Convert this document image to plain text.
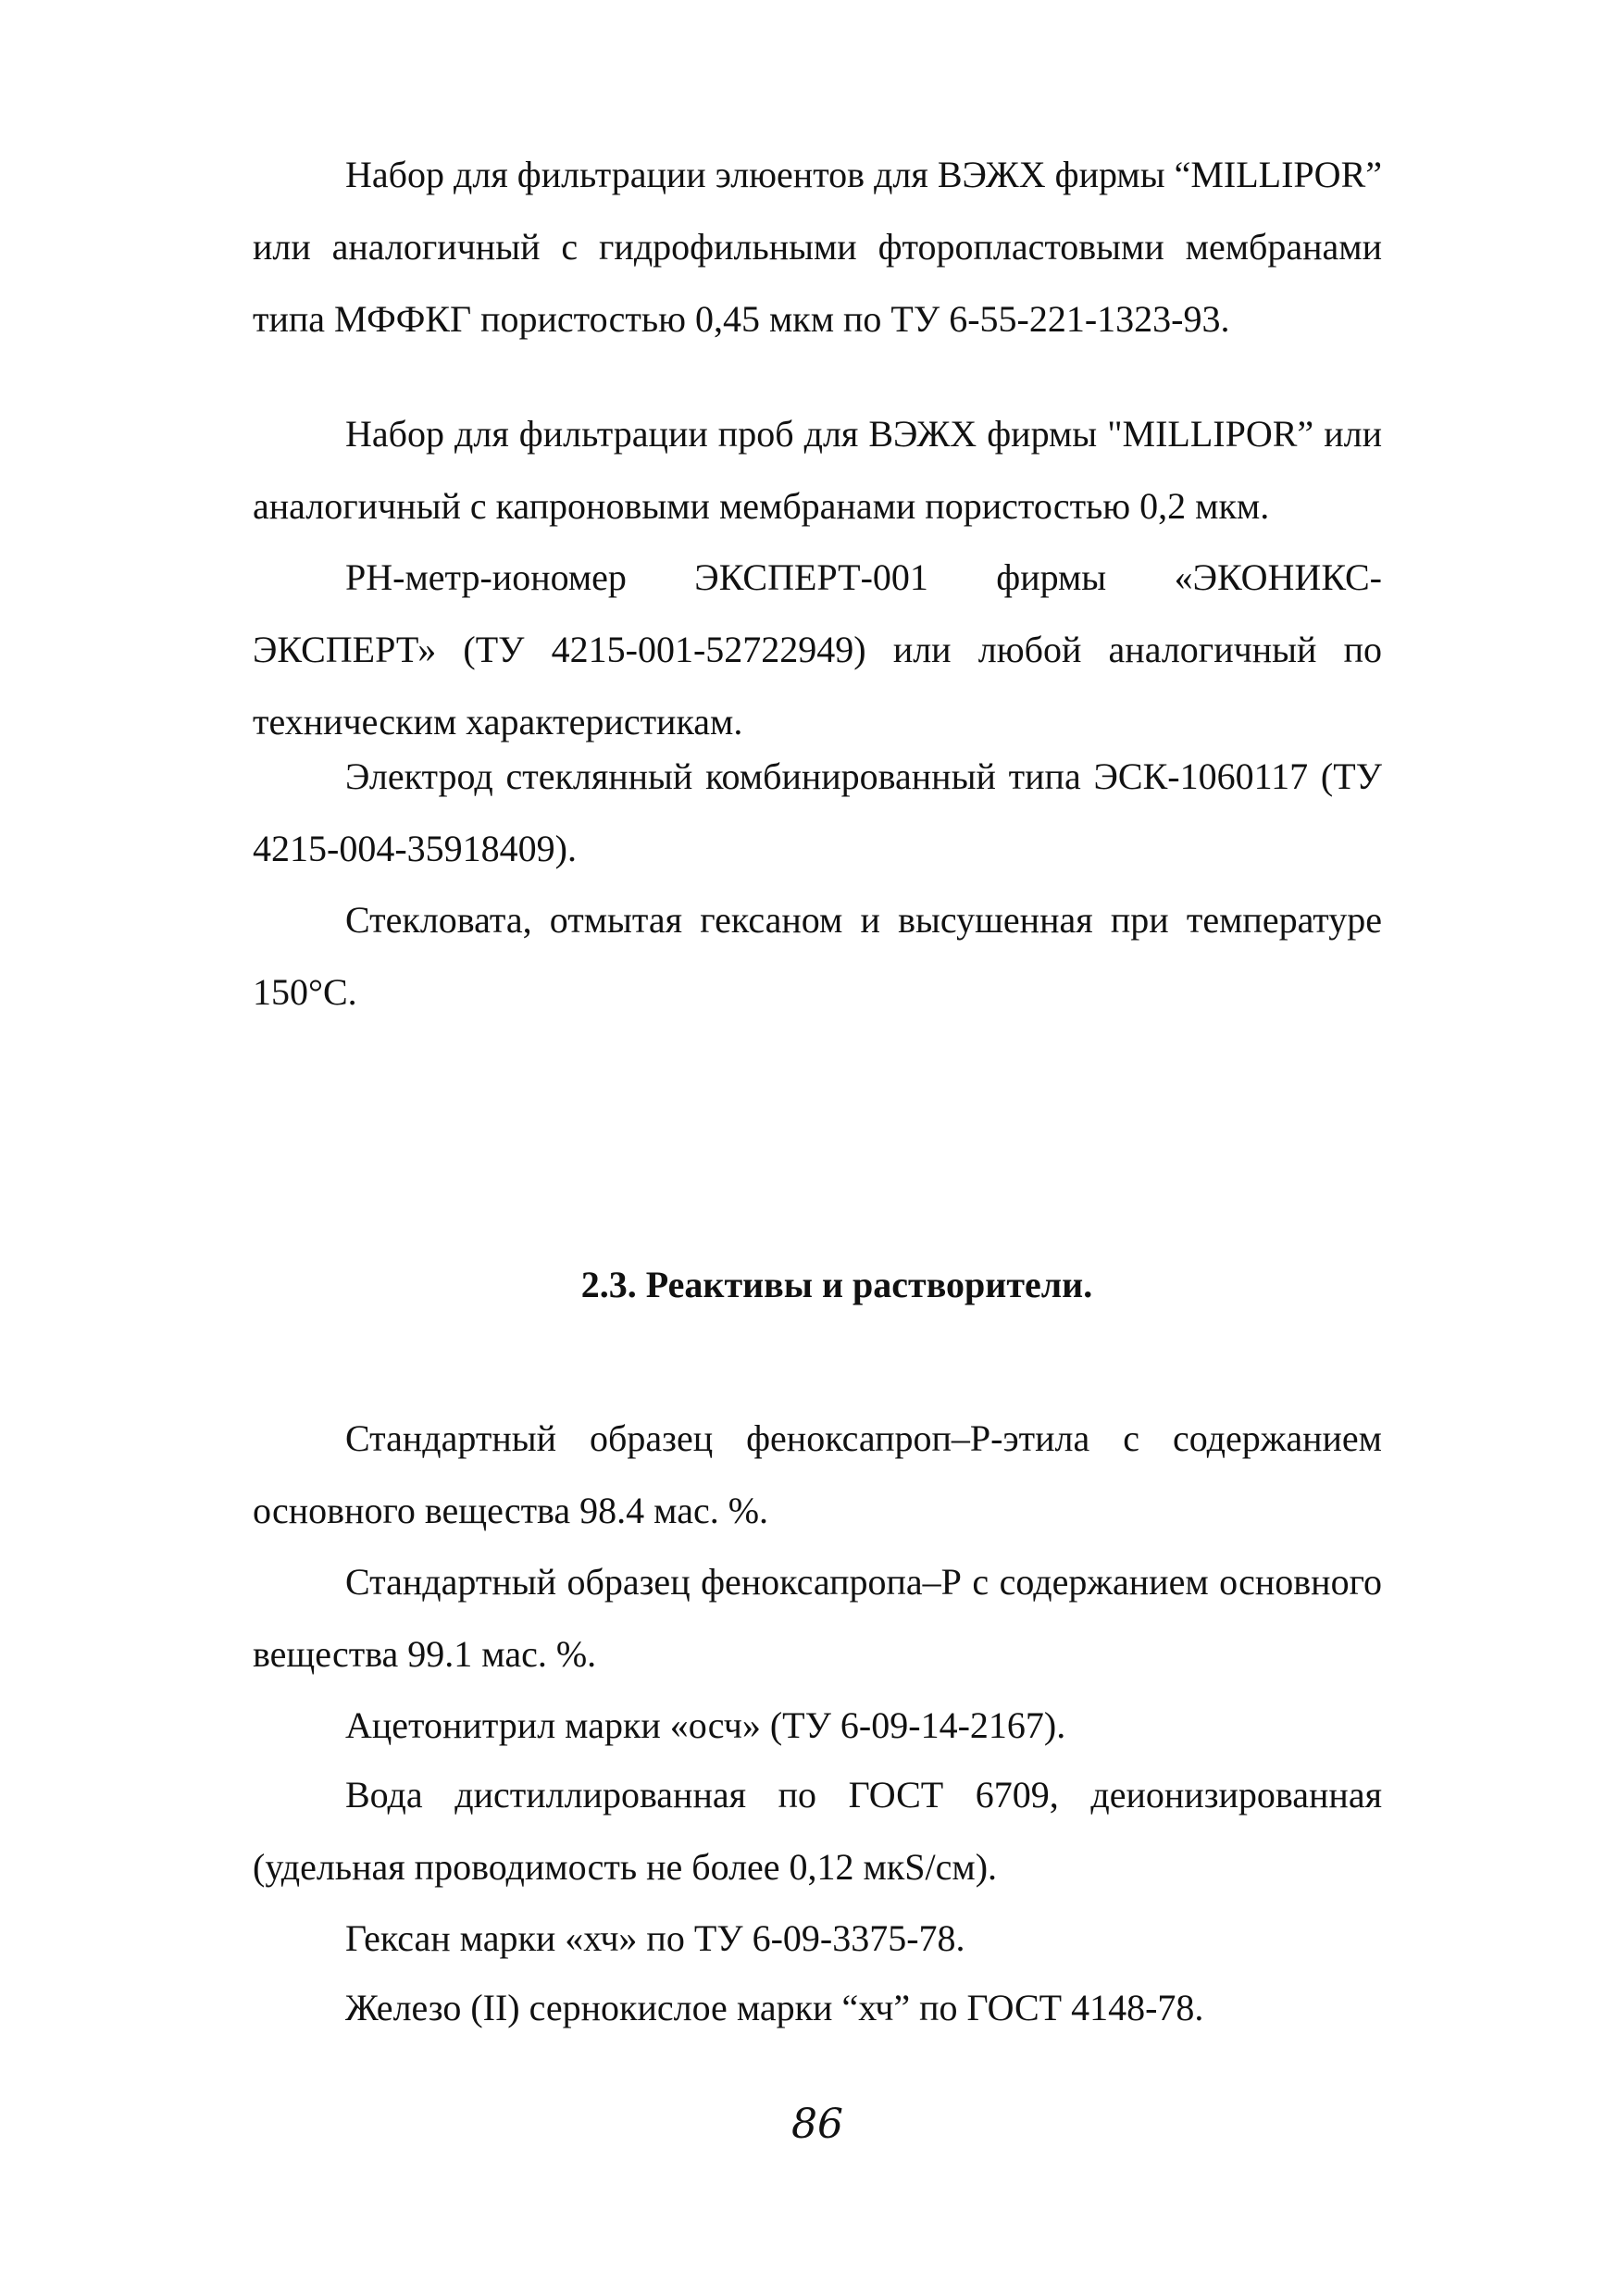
Набор для фильтрации элюентов для ВЭЖХ фирмы “MILLIPOR” или аналогичный с гидрофильными фторопластовыми мембранами типа МФФКГ пористостью 0,45 мкм по ТУ 6-55-221-1323-93.

Набор для фильтрации проб для ВЭЖХ фирмы "MILLIPOR” или аналогичный с капроновыми мембранами пористостью 0,2 мкм.

РН-метр-иономер ЭКСПЕРТ-001 фирмы «ЭКОНИКС-ЭКСПЕРТ» (ТУ 4215-001-52722949) или любой аналогичный по техническим характеристикам.

Электрод стеклянный комбинированный типа ЭСК-1060117 (ТУ 4215-004-35918409).

Стекловата, отмытая гексаном и высушенная при температуре 150°С.

2.3. Реактивы и растворители.

Стандартный образец феноксапроп–Р-этила с содержанием основного вещества 98.4 мас. %.

Стандартный образец феноксапропа–Р с содержанием основного вещества 99.1 мас. %.

Ацетонитрил марки «осч» (ТУ 6-09-14-2167).

Вода дистиллированная по ГОСТ 6709, деионизированная (удельная проводимость не более 0,12 мкS/см).

Гексан марки «хч» по ТУ 6-09-3375-78.

Железо (II) сернокислое марки “хч” по ГОСТ 4148-78.

86
